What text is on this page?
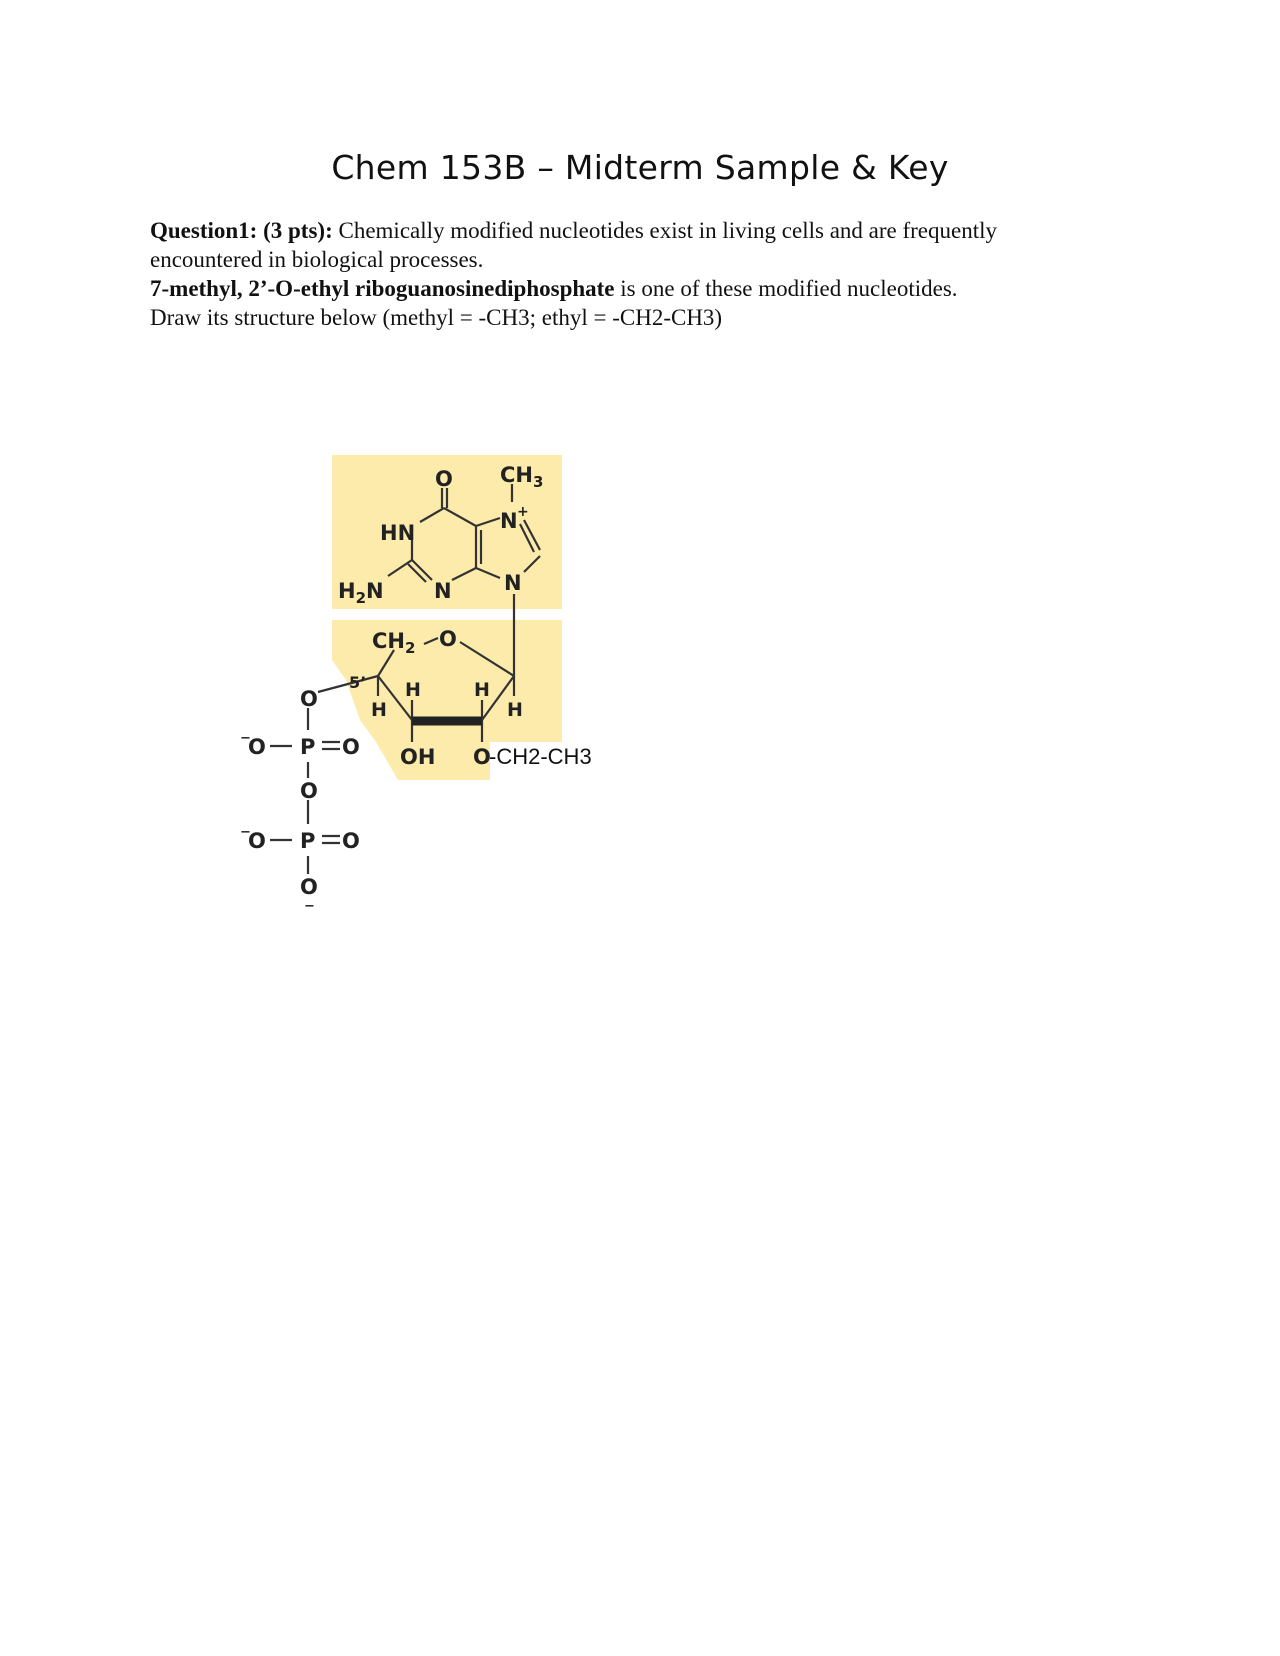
Chem 153B – Midterm Sample & Key
Question1: (3 pts): Chemically modified nucleotides exist in living cells and are frequently
encountered in biological processes.
7-methyl, 2’-O-ethyl riboguanosinediphosphate is one of these modified nucleotides.
Draw its structure below (methyl = -CH3; ethyl = -CH2-CH3)
O $CH_3$
N +
HN
N
$H_2N$ N
$CH_2$ O
5’ H	H
H	H
OH O
-CH2-CH3
O
−
O P O
O
−
O P O
O
−
